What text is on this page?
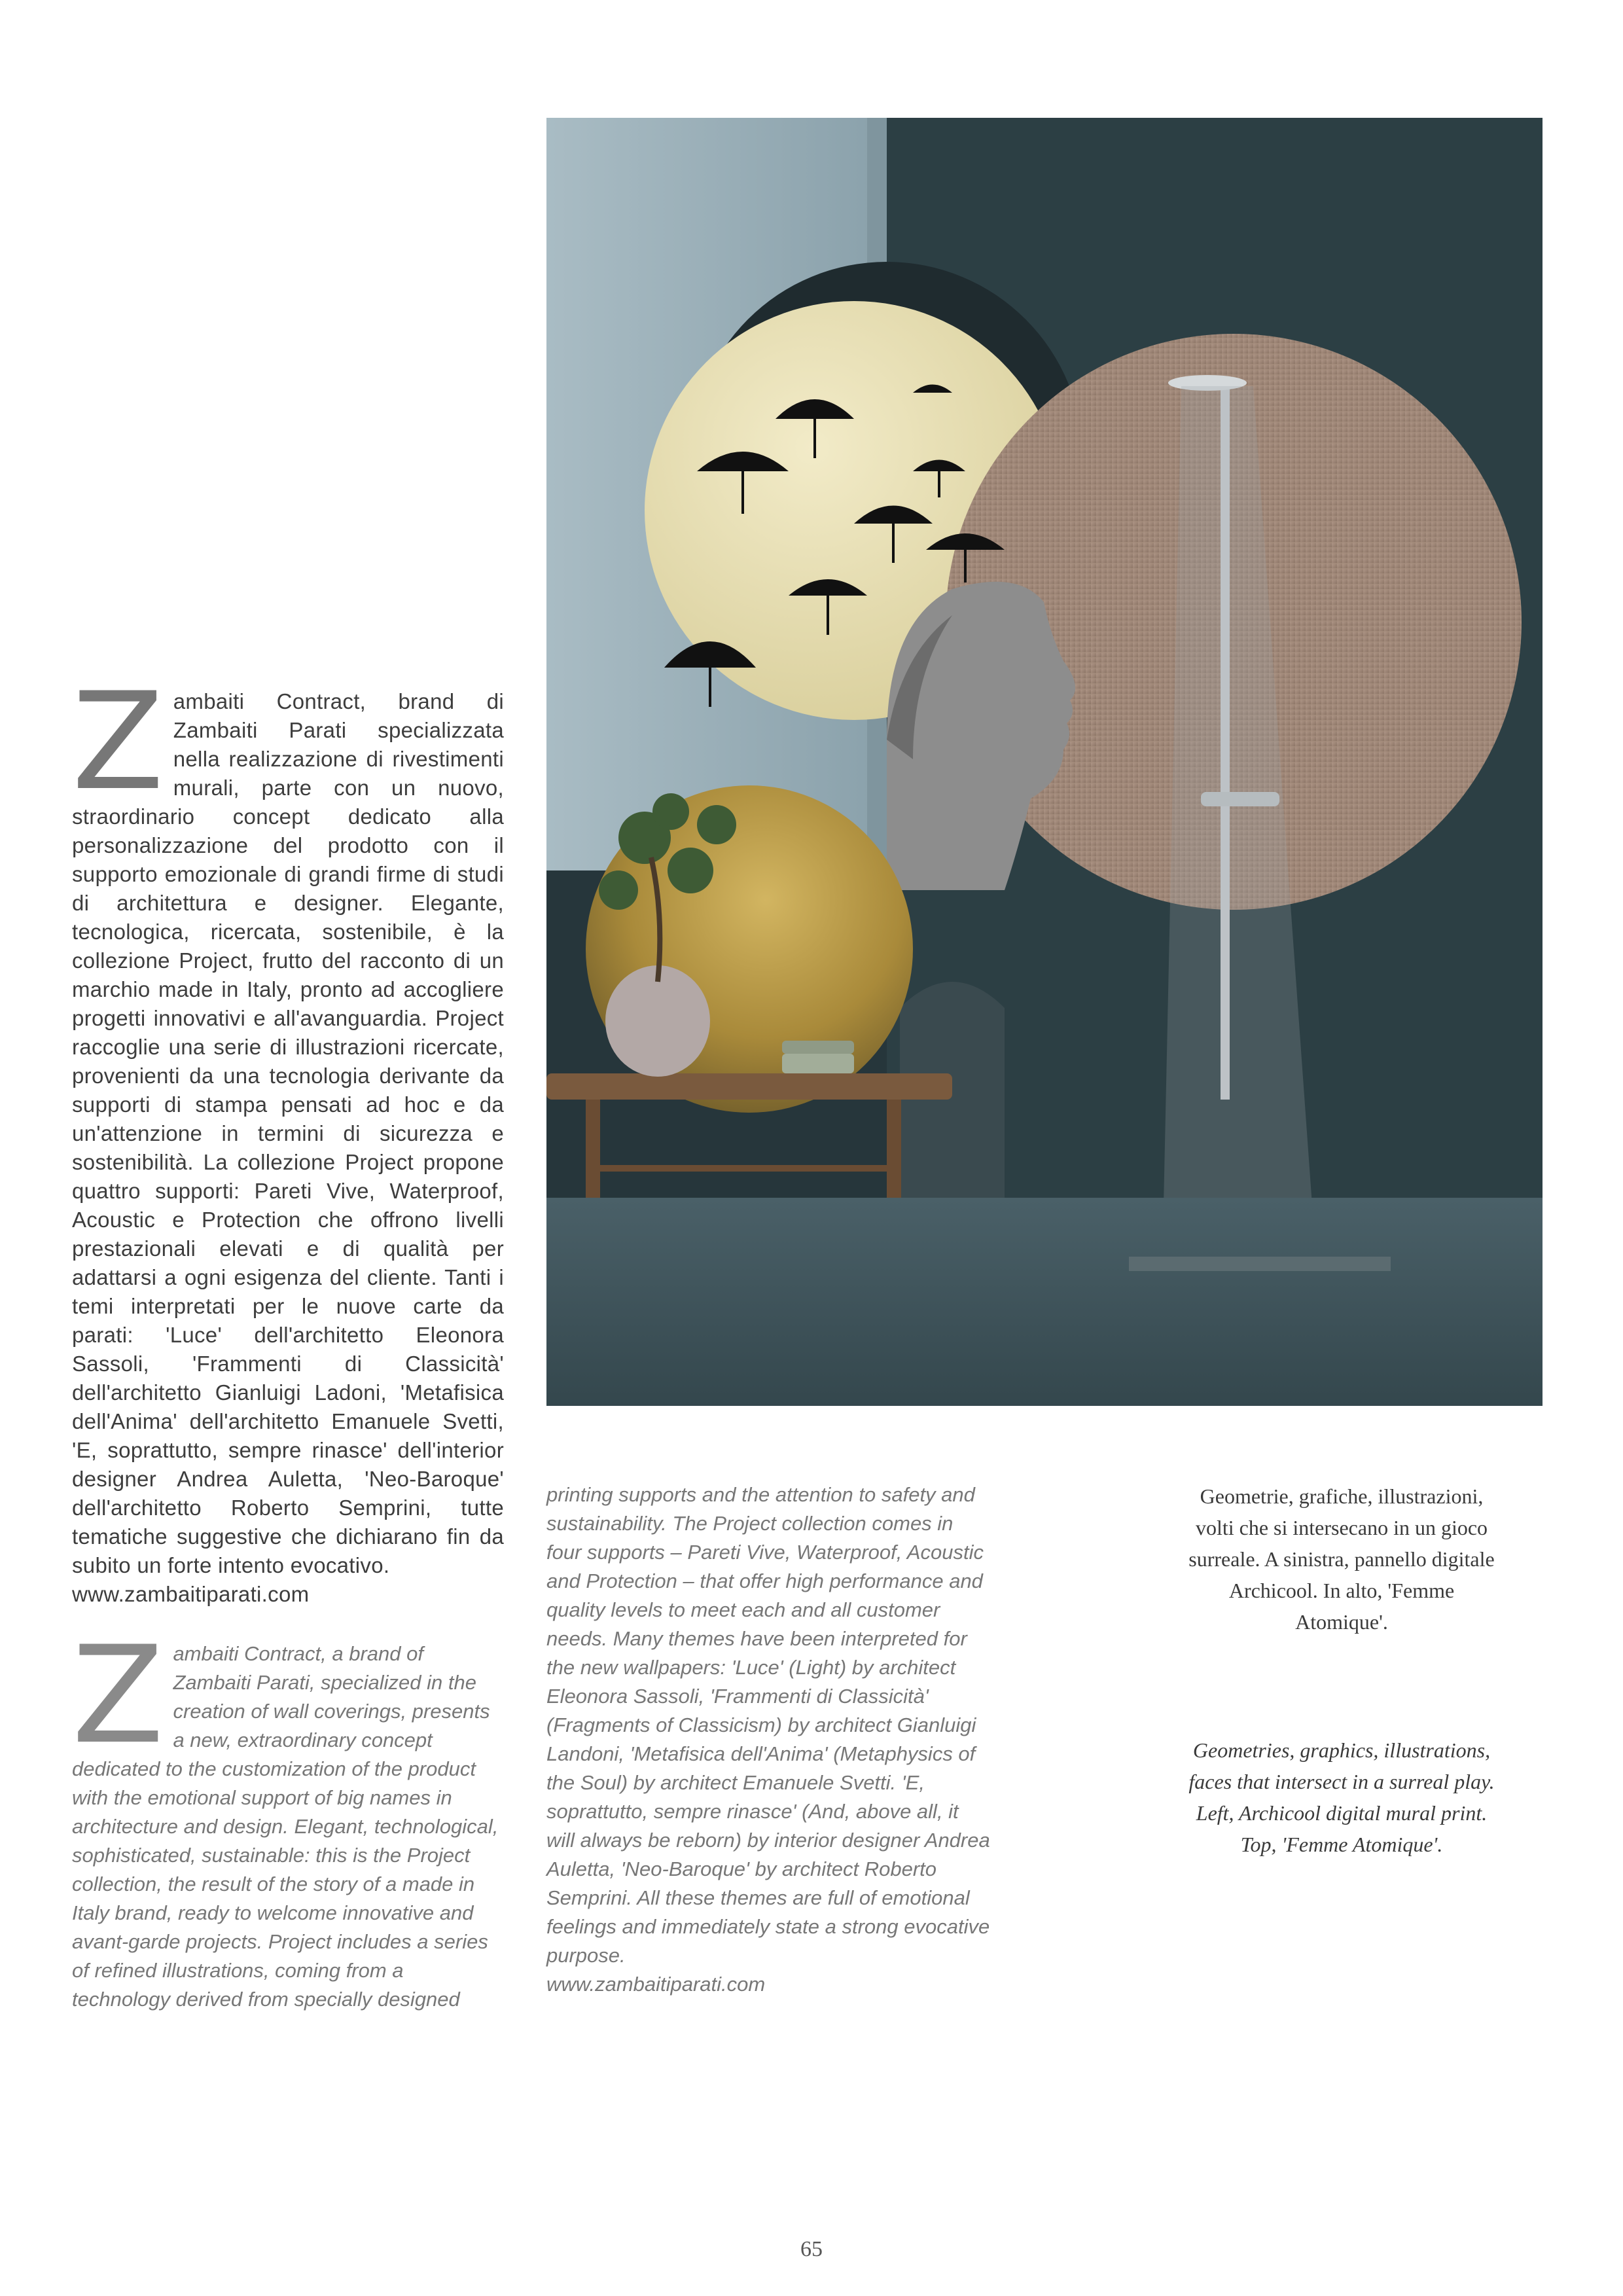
Z ambaiti Contract, brand di Zambaiti Parati specializzata nella realizzazione di rivestimenti murali, parte con un nuovo, straordinario concept dedicato alla personalizzazione del prodotto con il supporto emozionale di grandi firme di studi di architettura e designer. Elegante, tecnologica, ricercata, sostenibile, è la collezione Project, frutto del racconto di un marchio made in Italy, pronto ad accogliere progetti innovativi e all'avanguardia. Project raccoglie una serie di illustrazioni ricercate, provenienti da una tecnologia derivante da supporti di stampa pensati ad hoc e da un'attenzione in termini di sicurezza e sostenibilità. La collezione Project propone quattro supporti: Pareti Vive, Waterproof, Acoustic e Protection che offrono livelli prestazionali elevati e di qualità per adattarsi a ogni esigenza del cliente. Tanti i temi interpretati per le nuove carte da parati: 'Luce' dell'architetto Eleonora Sassoli, 'Frammenti di Classicità' dell'architetto Gianluigi Ladoni, 'Metafisica dell'Anima' dell'architetto Emanuele Svetti, 'E, soprattutto, sempre rinasce' dell'interior designer Andrea Auletta, 'Neo-Baroque' dell'architetto Roberto Semprini, tutte tematiche suggestive che dichiarano fin da subito un forte intento evocativo.
www.zambaitiparati.com
Z ambaiti Contract, a brand of Zambaiti Parati, specialized in the creation of wall coverings, presents a new, extraordinary concept dedicated to the customization of the product with the emotional support of big names in architecture and design. Elegant, technological, sophisticated, sustainable: this is the Project collection, the result of the story of a made in Italy brand, ready to welcome innovative and avant-garde projects. Project includes a series of refined illustrations, coming from a technology derived from specially designed
printing supports and the attention to safety and sustainability. The Project collection comes in four supports – Pareti Vive, Waterproof, Acoustic and Protection – that offer high performance and quality levels to meet each and all customer needs. Many themes have been interpreted for the new wallpapers: 'Luce' (Light) by architect Eleonora Sassoli, 'Frammenti di Classicità' (Fragments of Classicism) by architect Gianluigi Landoni, 'Metafisica dell'Anima' (Metaphysics of the Soul) by architect Emanuele Svetti. 'E, soprattutto, sempre rinasce' (And, above all, it will always be reborn) by interior designer Andrea Auletta, 'Neo-Baroque' by architect Roberto Semprini. All these themes are full of emotional feelings and immediately state a strong evocative purpose.
www.zambaitiparati.com
Geometrie, grafiche, illustrazioni, volti che si intersecano in un gioco surreale. A sinistra, pannello digitale Archicool. In alto, 'Femme Atomique'.
Geometries, graphics, illustrations, faces that intersect in a surreal play. Left, Archicool digital mural print. Top, 'Femme Atomique'.
65
